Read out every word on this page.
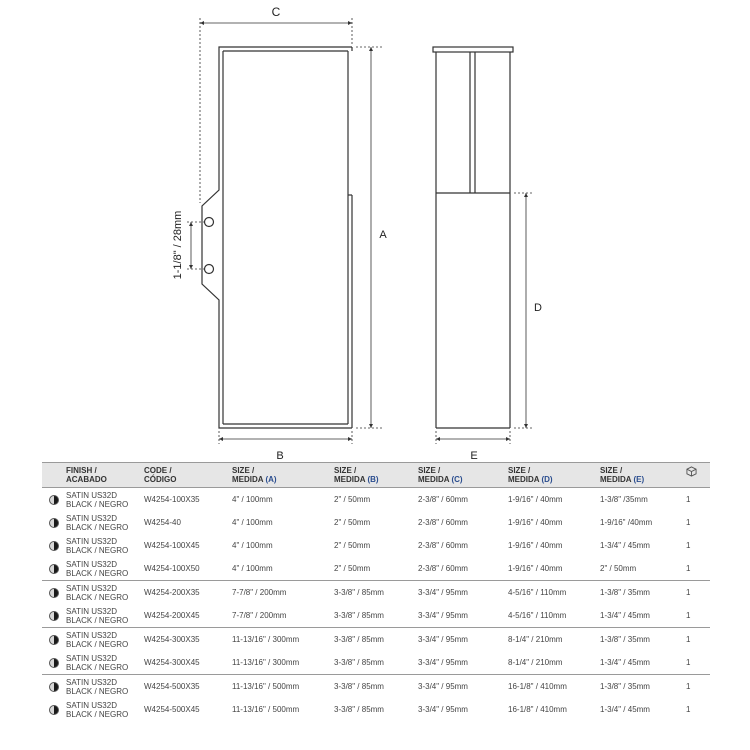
C
A
B
1-1/8" / 28mm
D
E
	FINISH /
ACABADO	CODE /
CÓDIGO	SIZE /
MEDIDA (A)	SIZE /
MEDIDA (B)	SIZE /
MEDIDA (C)	SIZE /
MEDIDA (D)	SIZE /
MEDIDA (E)	
	SATIN US32D
BLACK / NEGRO	W4254-100X35	4" / 100mm	2" / 50mm	2-3/8" / 60mm	1-9/16" / 40mm	1-3/8" /35mm	1
	SATIN US32D
BLACK / NEGRO	W4254-40	4" / 100mm	2" / 50mm	2-3/8" / 60mm	1-9/16" / 40mm	1-9/16" /40mm	1
	SATIN US32D
BLACK / NEGRO	W4254-100X45	4" / 100mm	2" / 50mm	2-3/8" / 60mm	1-9/16" / 40mm	1-3/4" / 45mm	1
	SATIN US32D
BLACK / NEGRO	W4254-100X50	4" / 100mm	2" / 50mm	2-3/8" / 60mm	1-9/16" / 40mm	2" / 50mm	1
	SATIN US32D
BLACK / NEGRO	W4254-200X35	7-7/8" / 200mm	3-3/8" / 85mm	3-3/4" / 95mm	4-5/16" / 110mm	1-3/8" / 35mm	1
	SATIN US32D
BLACK / NEGRO	W4254-200X45	7-7/8" / 200mm	3-3/8" / 85mm	3-3/4" / 95mm	4-5/16" / 110mm	1-3/4" / 45mm	1
	SATIN US32D
BLACK / NEGRO	W4254-300X35	11-13/16" / 300mm	3-3/8" / 85mm	3-3/4" / 95mm	8-1/4" / 210mm	1-3/8" / 35mm	1
	SATIN US32D
BLACK / NEGRO	W4254-300X45	11-13/16" / 300mm	3-3/8" / 85mm	3-3/4" / 95mm	8-1/4" / 210mm	1-3/4" / 45mm	1
	SATIN US32D
BLACK / NEGRO	W4254-500X35	11-13/16" / 500mm	3-3/8" / 85mm	3-3/4" / 95mm	16-1/8" / 410mm	1-3/8" / 35mm	1
	SATIN US32D
BLACK / NEGRO	W4254-500X45	11-13/16" / 500mm	3-3/8" / 85mm	3-3/4" / 95mm	16-1/8" / 410mm	1-3/4" / 45mm	1
